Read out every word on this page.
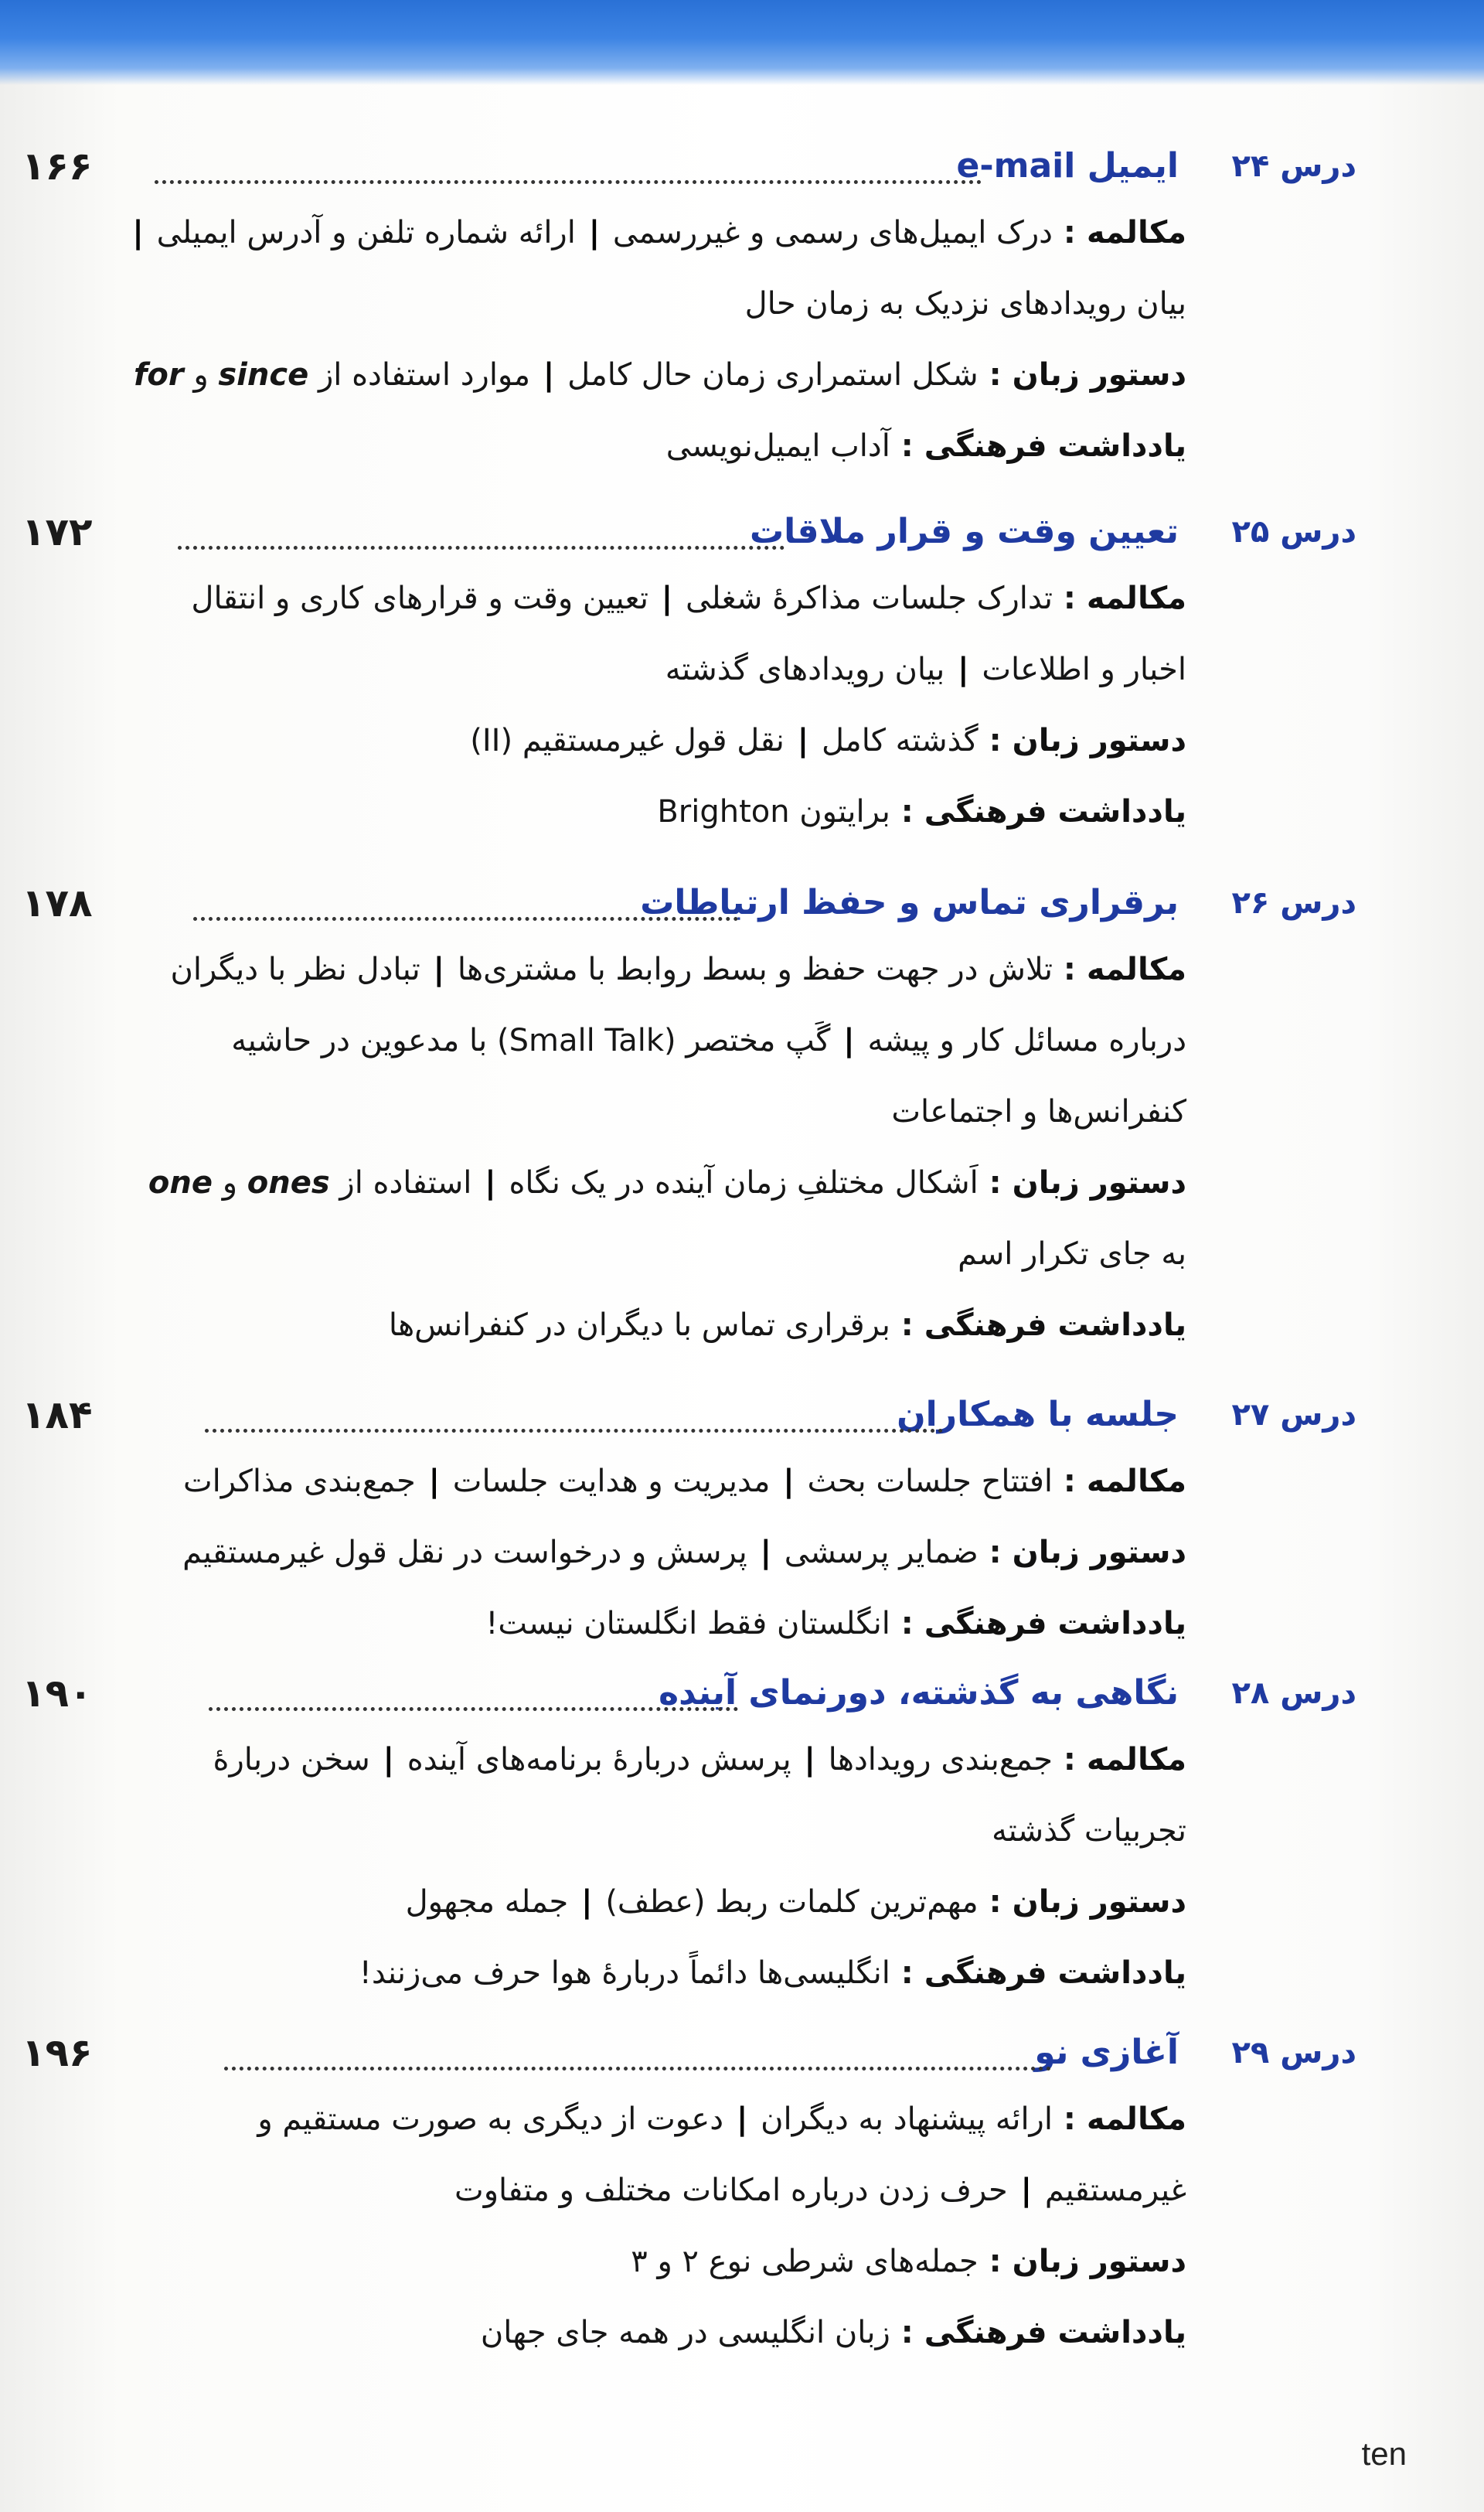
درس ۲۴
ایمیل e-mail
۱۶۶
مکالمه : درک ایمیل‌های رسمی و غیررسمی | ارائه شماره تلفن و آدرس ایمیلی |
بیان رویدادهای نزدیک به زمان حال
دستور زبان : شکل استمراری زمان حال کامل | موارد استفاده از since و for
یادداشت فرهنگی : آداب ایمیل‌نویسی
درس ۲۵
تعیین وقت و قرار ملاقات
۱۷۲
مکالمه : تدارک جلسات مذاکرهٔ شغلی | تعیین وقت و قرارهای کاری و انتقال
اخبار و اطلاعات | بیان رویدادهای گذشته
دستور زبان : گذشته کامل | نقل قول غیرمستقیم (II)
یادداشت فرهنگی : برایتون Brighton
درس ۲۶
برقراری تماس و حفظ ارتباطات
۱۷۸
مکالمه : تلاش در جهت حفظ و بسط روابط با مشتری‌ها | تبادل نظر با دیگران
درباره مسائل کار و پیشه | گَپ مختصر (Small Talk) با مدعوین در حاشیه
کنفرانس‌ها و اجتماعات
دستور زبان : اَشکال مختلفِ زمان آینده در یک نگاه | استفاده از ones و one
به جای تکرار اسم
یادداشت فرهنگی : برقراری تماس با دیگران در کنفرانس‌ها
درس ۲۷
جلسه با همکاران
۱۸۴
مکالمه : افتتاح جلسات بحث | مدیریت و هدایت جلسات | جمع‌بندی مذاکرات
دستور زبان : ضمایر پرسشی | پرسش و درخواست در نقل قول غیرمستقیم
یادداشت فرهنگی : انگلستان فقط انگلستان نیست!
درس ۲۸
نگاهی به گذشته، دورنمای آینده
۱۹۰
مکالمه : جمع‌بندی رویدادها | پرسش دربارهٔ برنامه‌های آینده | سخن دربارهٔ
تجربیات گذشته
دستور زبان : مهم‌ترین کلمات ربط (عطف) | جمله مجهول
یادداشت فرهنگی : انگلیسی‌ها دائماً دربارهٔ هوا حرف می‌زنند!
درس ۲۹
آغازی نو
۱۹۶
مکالمه : ارائه پیشنهاد به دیگران | دعوت از دیگری به صورت مستقیم و
غیرمستقیم | حرف زدن درباره امکانات مختلف و متفاوت
دستور زبان : جمله‌های شرطی نوع ۲ و ۳
یادداشت فرهنگی : زبان انگلیسی در همه جای جهان
ten
